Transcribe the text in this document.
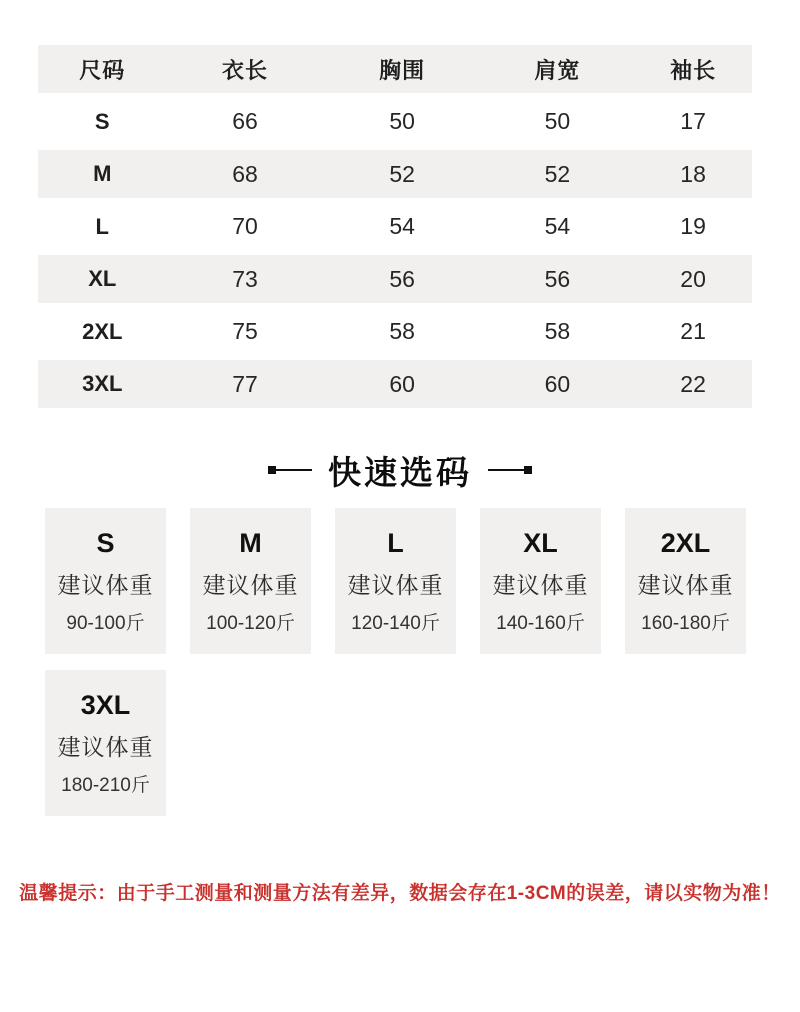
尺码	衣长	胸围	肩宽	袖长
S	66	50	50	17
M	68	52	52	18
L	70	54	54	19
XL	73	56	56	20
2XL	75	58	58	21
3XL	77	60	60	22
快速选码
S
建议体重
90-100斤
M
建议体重
100-120斤
L
建议体重
120-140斤
XL
建议体重
140-160斤
2XL
建议体重
160-180斤
3XL
建议体重
180-210斤

温馨提示：由于手工测量和测量方法有差异，数据会存在1-3CM的误差，请以实物为准！
